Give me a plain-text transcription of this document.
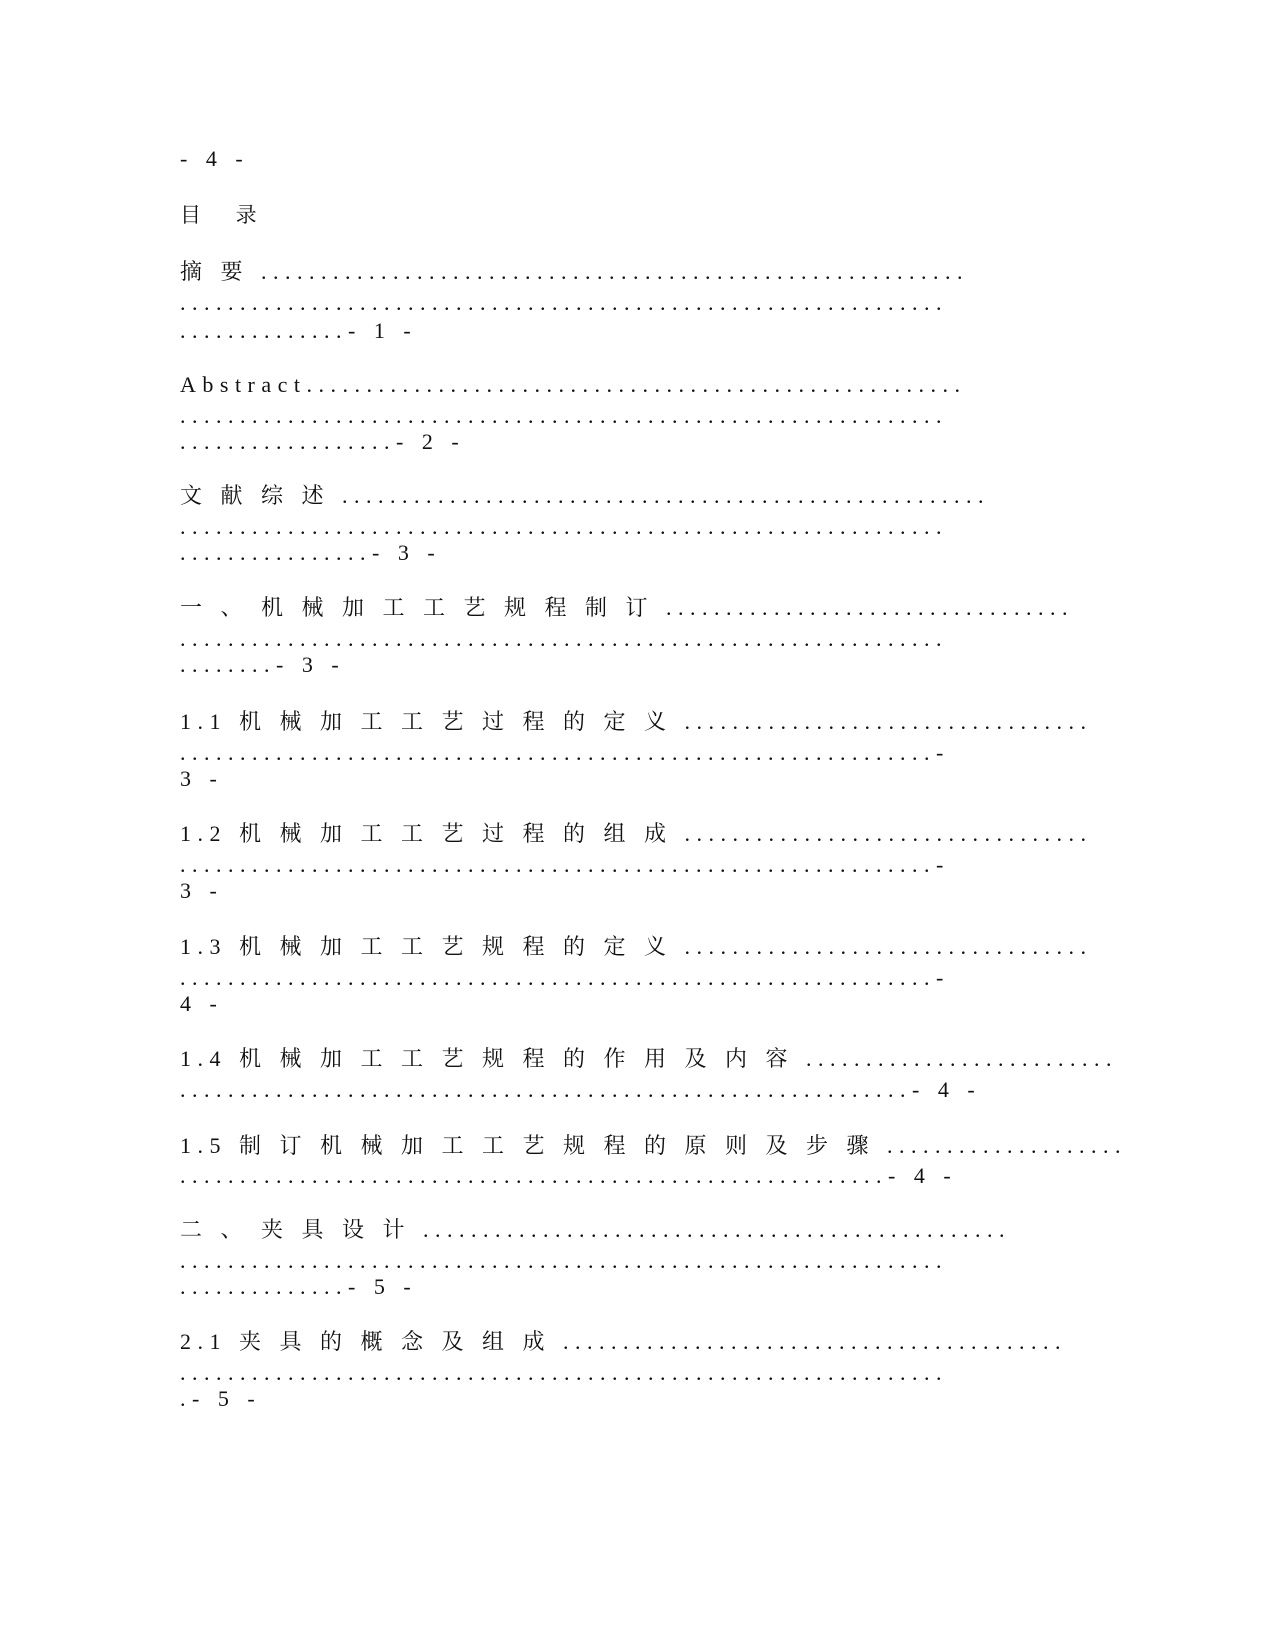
- 4 -
目 录
摘 要 ...........................................................
................................................................
..............- 1 -
Abstract.......................................................
................................................................
..................- 2 -
文 献 综 述 ......................................................
................................................................
................- 3 -
一 、 机 械 加 工 工 艺 规 程 制 订 ..................................
................................................................
........- 3 -
1.1 机 械 加 工 工 艺 过 程 的 定 义 ..................................
...............................................................-
3 -
1.2 机 械 加 工 工 艺 过 程 的 组 成 ..................................
...............................................................-
3 -
1.3 机 械 加 工 工 艺 规 程 的 定 义 ..................................
...............................................................-
4 -
1.4 机 械 加 工 工 艺 规 程 的 作 用 及 内 容 ..........................
.............................................................- 4 -
1.5 制 订 机 械 加 工 工 艺 规 程 的 原 则 及 步 骤 ....................
...........................................................- 4 -
二 、 夹 具 设 计 .................................................
................................................................
..............- 5 -
2.1 夹 具 的 概 念 及 组 成 ..........................................
................................................................
.- 5 -
